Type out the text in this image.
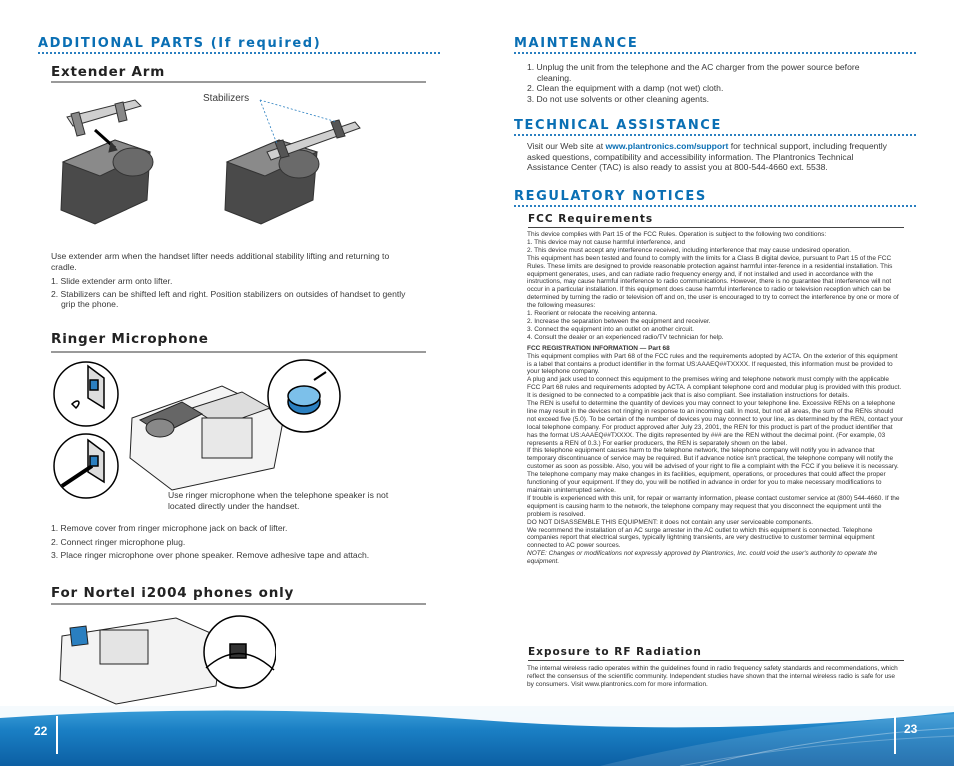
ADDITIONAL PARTS (If required)
Extender Arm
Stabilizers
Use extender arm when the handset lifter needs additional stability lifting and returning to cradle.
1. Slide extender arm onto lifter.
2. Stabilizers can be shifted left and right. Position stabilizers on outsides of handset to gently grip the phone.
Ringer Microphone
Use ringer microphone when the telephone speaker is not located directly under the handset.
1. Remove cover from ringer microphone jack on back of lifter.
2. Connect ringer microphone plug.
3. Place ringer microphone over phone speaker. Remove adhesive tape and attach.
For Nortel i2004 phones only
MAINTENANCE
1. Unplug the unit from the telephone and the AC charger from the power source before cleaning.
2. Clean the equipment with a damp (not wet) cloth.
3. Do not use solvents or other cleaning agents.
TECHNICAL ASSISTANCE
Visit our Web site at www.plantronics.com/support for technical support, including frequently asked questions, compatibility and accessibility information. The Plantronics Technical Assistance Center (TAC) is also ready to assist you at 800-544-4660 ext. 5538.
REGULATORY NOTICES
FCC Requirements
This device complies with Part 15 of the FCC Rules. Operation is subject to the following two conditions:
1. This device may not cause harmful interference, and
2. This device must accept any interference received, including interference that may cause undesired operation.
This equipment has been tested and found to comply with the limits for a Class B digital device, pursuant to Part 15 of the FCC Rules. These limits are designed to provide reasonable protection against harmful inter-ference in a residential installation. This equipment generates, uses, and can radiate radio frequency energy and, if not installed and used in accordance with the instructions, may cause harmful interference to radio communications. However, there is no guarantee that interference will not occur in a particular installation. If this equipment does cause harmful interference to radio or television reception which can be determined by turning the radio or television off and on, the user is encouraged to try to correct the interference by one or more of the following measures:
1. Reorient or relocate the receiving antenna.
2. Increase the separation between the equipment and receiver.
3. Connect the equipment into an outlet on another circuit.
4. Consult the dealer or an experienced radio/TV technician for help.
FCC REGISTRATION INFORMATION — Part 68
This equipment complies with Part 68 of the FCC rules and the requirements adopted by ACTA. On the exterior of this equipment is a label that contains a product identifier in the format US:AAAEQ##TXXXX. If requested, this information must be provided to your telephone company.
A plug and jack used to connect this equipment to the premises wiring and telephone network must comply with the applicable FCC Part 68 rules and requirements adopted by ACTA. A compliant telephone cord and modular plug is provided with this product. It is designed to be connected to a compatible jack that is also compliant. See installation instructions for details.
The REN is useful to determine the quantity of devices you may connect to your telephone line. Excessive RENs on a telephone line may result in the devices not ringing in response to an incoming call. In most, but not all areas, the sum of the RENs should not exceed five (5.0). To be certain of the number of devices you may connect to your line, as determined by the REN, contact your local telephone company. For product approved after July 23, 2001, the REN for this product is part of the product identifier that has the format US:AAAEQ##TXXXX. The digits represented by ### are the REN without the decimal point. (For example, 03 represents a REN of 0.3.) For earlier producers, the REN is separately shown on the label.
If this telephone equipment causes harm to the telephone network, the telephone company will notify you in advance that temporary discontinuance of service may be required. But if advance notice isn't practical, the telephone company will notify the customer as soon as possible. Also, you will be advised of your right to file a complaint with the FCC if you believe it is necessary.
The telephone company may make changes in its facilities, equipment, operations, or procedures that could affect the proper functioning of your equipment. If they do, you will be notified in advance in order for you to make necessary modifications to maintain uninterrupted service.
If trouble is experienced with this unit, for repair or warranty information, please contact customer service at (800) 544-4660. If the equipment is causing harm to the network, the telephone company may request that you disconnect the equipment until the problem is resolved.
DO NOT DISASSEMBLE THIS EQUIPMENT: it does not contain any user serviceable components.
We recommend the installation of an AC surge arrester in the AC outlet to which this equipment is connected. Telephone companies report that electrical surges, typically lightning transients, are very destructive to customer terminal equipment connected to AC power sources.
NOTE: Changes or modifications not expressly approved by Plantronics, Inc. could void the user's authority to operate the equipment.
Exposure to RF Radiation
The internal wireless radio operates within the guidelines found in radio frequency safety standards and recommendations, which reflect the consensus of the scientific community. Independent studies have shown that the internal wireless radio is safe for use by consumers. Visit www.plantronics.com for more information.
22	23
